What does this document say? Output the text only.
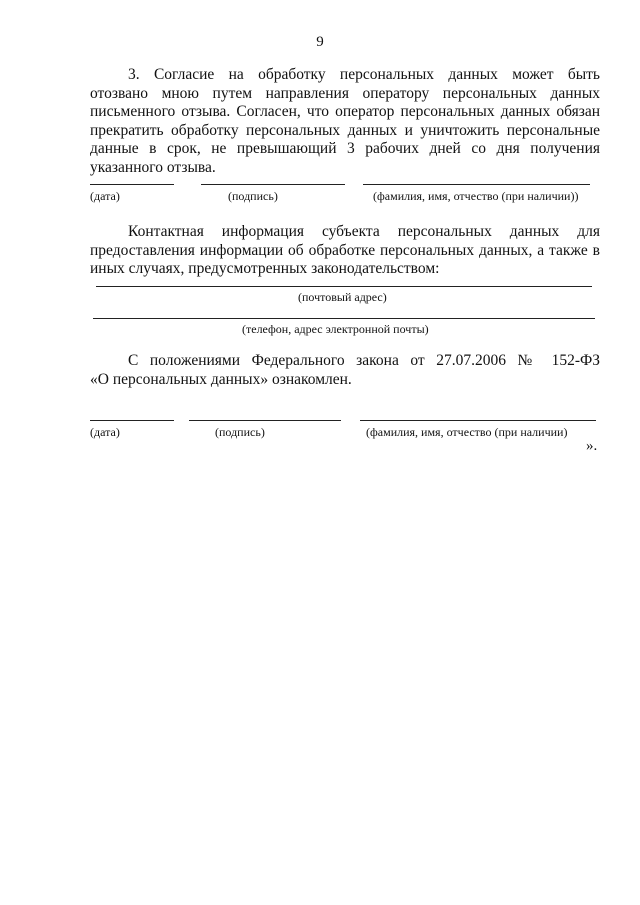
9
3. Согласие на обработку персональных данных может быть
отозвано мною путем направления оператору персональных данных
письменного отзыва. Согласен, что оператор персональных данных обязан
прекратить обработку персональных данных и уничтожить персональные
данные в срок, не превышающий 3 рабочих дней со дня получения
указанного отзыва.
(дата)	(подпись)	(фамилия, имя, отчество (при наличии))
Контактная информация субъекта персональных данных для
предоставления информации об обработке персональных данных, а также в
иных случаях, предусмотренных законодательством:
(почтовый адрес)
(телефон, адрес электронной почты)
С положениями Федерального закона от 27.07.2006 № 152-ФЗ
«О персональных данных» ознакомлен.
(дата)	(подпись)	(фамилия, имя, отчество (при наличии)
».
